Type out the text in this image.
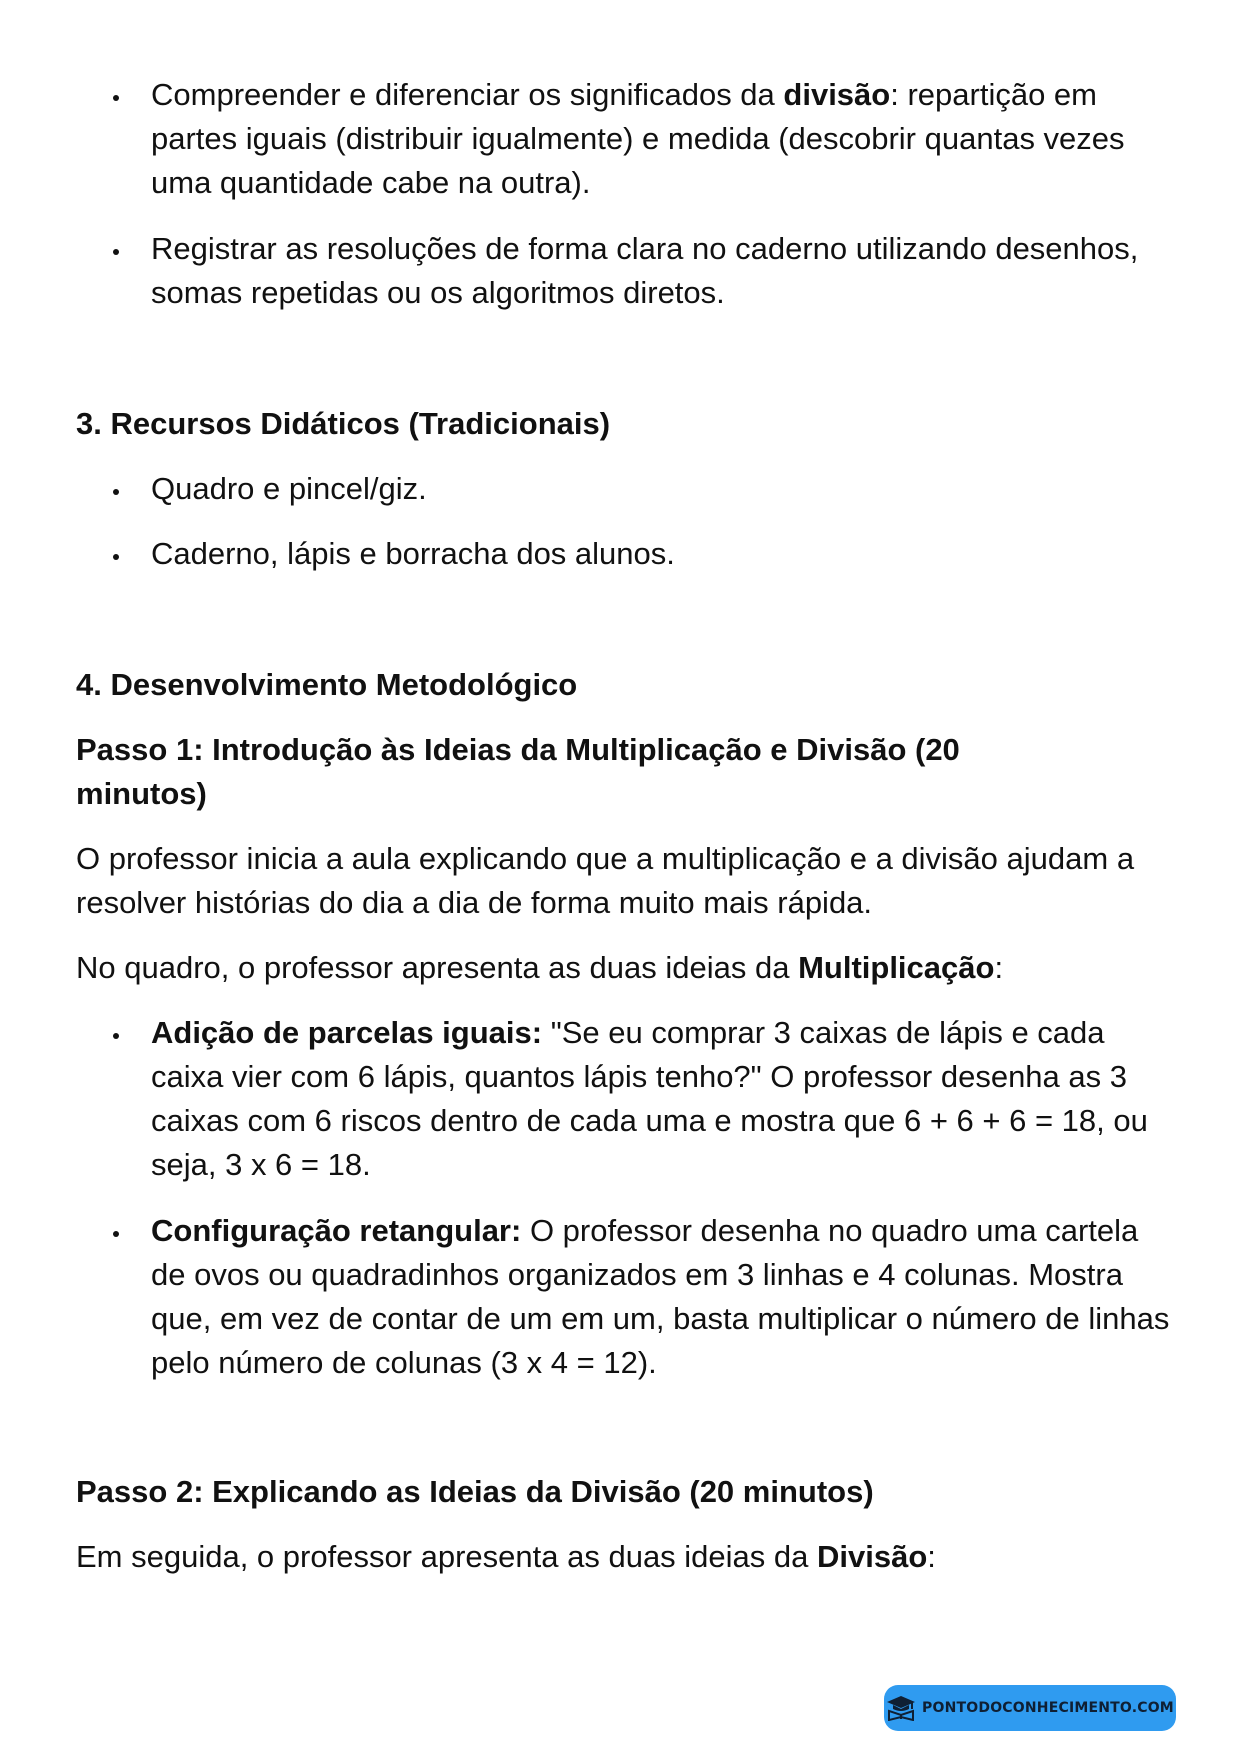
Compreender e diferenciar os significados da divisão: repartição em partes iguais (distribuir igualmente) e medida (descobrir quantas vezes uma quantidade cabe na outra).
Registrar as resoluções de forma clara no caderno utilizando desenhos, somas repetidas ou os algoritmos diretos.
3. Recursos Didáticos (Tradicionais)
Quadro e pincel/giz.
Caderno, lápis e borracha dos alunos.
4. Desenvolvimento Metodológico
Passo 1: Introdução às Ideias da Multiplicação e Divisão (20 minutos)

O professor inicia a aula explicando que a multiplicação e a divisão ajudam a resolver histórias do dia a dia de forma muito mais rápida.

No quadro, o professor apresenta as duas ideias da Multiplicação:

Adição de parcelas iguais: "Se eu comprar 3 caixas de lápis e cada caixa vier com 6 lápis, quantos lápis tenho?" O professor desenha as 3 caixas com 6 riscos dentro de cada uma e mostra que 6 + 6 + 6 = 18, ou seja, 3 x 6 = 18.
Configuração retangular: O professor desenha no quadro uma cartela de ovos ou quadradinhos organizados em 3 linhas e 4 colunas. Mostra que, em vez de contar de um em um, basta multiplicar o número de linhas pelo número de colunas (3 x 4 = 12).
Passo 2: Explicando as Ideias da Divisão (20 minutos)

Em seguida, o professor apresenta as duas ideias da Divisão:

PONTODOCONHECIMENTO.COM
